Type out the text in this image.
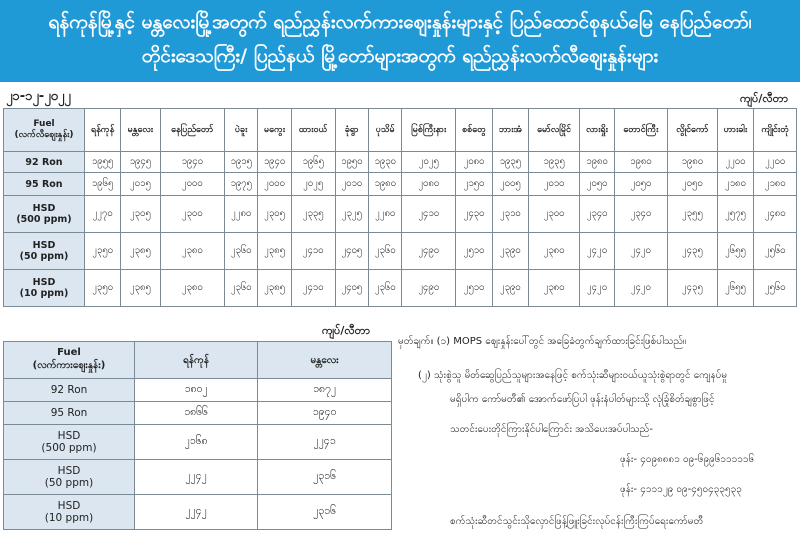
ရန်ကုန်မြို့နှင့် မန္တလေးမြို့အတွက် ရည်ညွှန်းလက်ကားဈေးနှုန်းများနှင့် ပြည်ထောင်စုနယ်မြေ နေပြည်တော်၊
တိုင်းဒေသကြီး/ ပြည်နယ် မြို့တော်များအတွက် ရည်ညွှန်းလက်လီဈေးနှုန်းများ
၂၁-၁၂-၂၀၂၂	ကျပ်/လီတာ
Fuel
(လက်လီဈေးနှုန်း)	ရန်ကုန်	မန္တလေး	နေပြည်တော်	ပဲခူး	မကွေး	ထားဝယ်	ခုံရွာ	ပုသိမ်	မြစ်ကြီးနား	စစ်တွေ	ဘားအံ	မော်လမြိုင်	လားရှိုး	တောင်ကြီး	လွိုင်ကော်	ဟားခါး	ကျိုင်းတုံ
92 Ron	၁၉၅၅	၁၉၄၅	၁၉၄၀	၁၉၁၅	၁၉၄၀	၁၉၆၅	၁၉၅၀	၁၉၃၀	၂၀၂၅	၂၀၈၀	၁၉၃၅	၁၉၃၅	၁၉၈၀	၁၉၈၀	၁၉၈၀	၂၂၀၀	၂၂၀၀
95 Ron	၁၉၆၅	၂၀၁၅	၂၀၀၀	၁၉၇၅	၂၀၀၀	၂၀၂၅	၂၀၁၀	၁၉၈၀	၂၀၈၀	၂၁၅၀	၂၀၀၅	၂၀၁၀	၂၀၅၀	၂၀၅၀	၂၀၅၀	၂၁၈၀	၂၁၈၀
HSD
(500 ppm)	၂၂၇၀	၂၃၀၅	၂၃၀၀	၂၂၈၀	၂၃၀၅	၂၃၃၅	၂၃၂၅	၂၂၈၀	၂၄၁၀	၂၄၃၀	၂၃၁၀	၂၃၀၀	၂၃၄၀	၂၃၄၀	၂၃၅၅	၂၅၇၅	၂၄၈၀
HSD
(50 ppm)	၂၃၅၀	၂၃၈၅	၂၃၈၀	၂၃၆၀	၂၃၈၅	၂၄၁၀	၂၄၀၅	၂၃၆၀	၂၄၉၀	၂၅၁၀	၂၃၉၀	၂၃၈၀	၂၄၂၀	၂၄၂၀	၂၄၃၅	၂၆၅၅	၂၅၆၀
HSD
(10 ppm)	၂၃၅၀	၂၃၈၅	၂၃၈၀	၂၃၆၀	၂၃၈၅	၂၄၁၀	၂၄၀၅	၂၃၆၀	၂၄၉၀	၂၅၁၀	၂၃၉၀	၂၃၈၀	၂၄၂၀	၂၄၂၀	၂၄၃၅	၂၆၅၅	၂၅၆၀
ကျပ်/လီတာ
Fuel
(လက်ကားဈေးနှုန်း)	ရန်ကုန်	မန္တလေး
92 Ron	၁၈၀၂	၁၈၇၂
95 Ron	၁၈၆၆	၁၉၄၀
HSD
(500 ppm)	၂၁၆၈	၂၂၄၁
HSD
(50 ppm)	၂၂၄၂	၂၃၁၆
HSD
(10 ppm)	၂၂၄၂	၂၃၁၆
မှတ်ချက်။ (၁) MOPS ဈေးနှုန်းပေါ်တွင် အခြေခံတွက်ချက်ထားခြင်းဖြစ်ပါသည်။
(၂) သုံးစွဲသူ မိတ်ဆွေပြည်သူများအနေဖြင့် စက်သုံးဆီများဝယ်ယူသုံးစွဲရာတွင် ကျေနပ်မှု
မရှိပါက ကော်မတီ၏ အောက်ဖော်ပြပါ ဖုန်းနံပါတ်များသို့ လုံခြုံစိတ်ချစွာဖြင့်
သတင်းပေးတိုင်ကြားနိုင်ပါကြောင်း အသိပေးအပ်ပါသည်-
ဖုန်း- ၄၀၉၈၈၈၁ ၀၉-၆၉၉၆၁၁၁၁၁၆
ဖုန်း- ၄၁၁၁၂၉ ၀၉-၄၅၀၄၃၃၅၃၃
စက်သုံးဆီတင်သွင်းသိုလှောင်ဖြန့်ဖြူးခြင်းလုပ်ငန်းကြီးကြပ်ရေးကော်မတီ
